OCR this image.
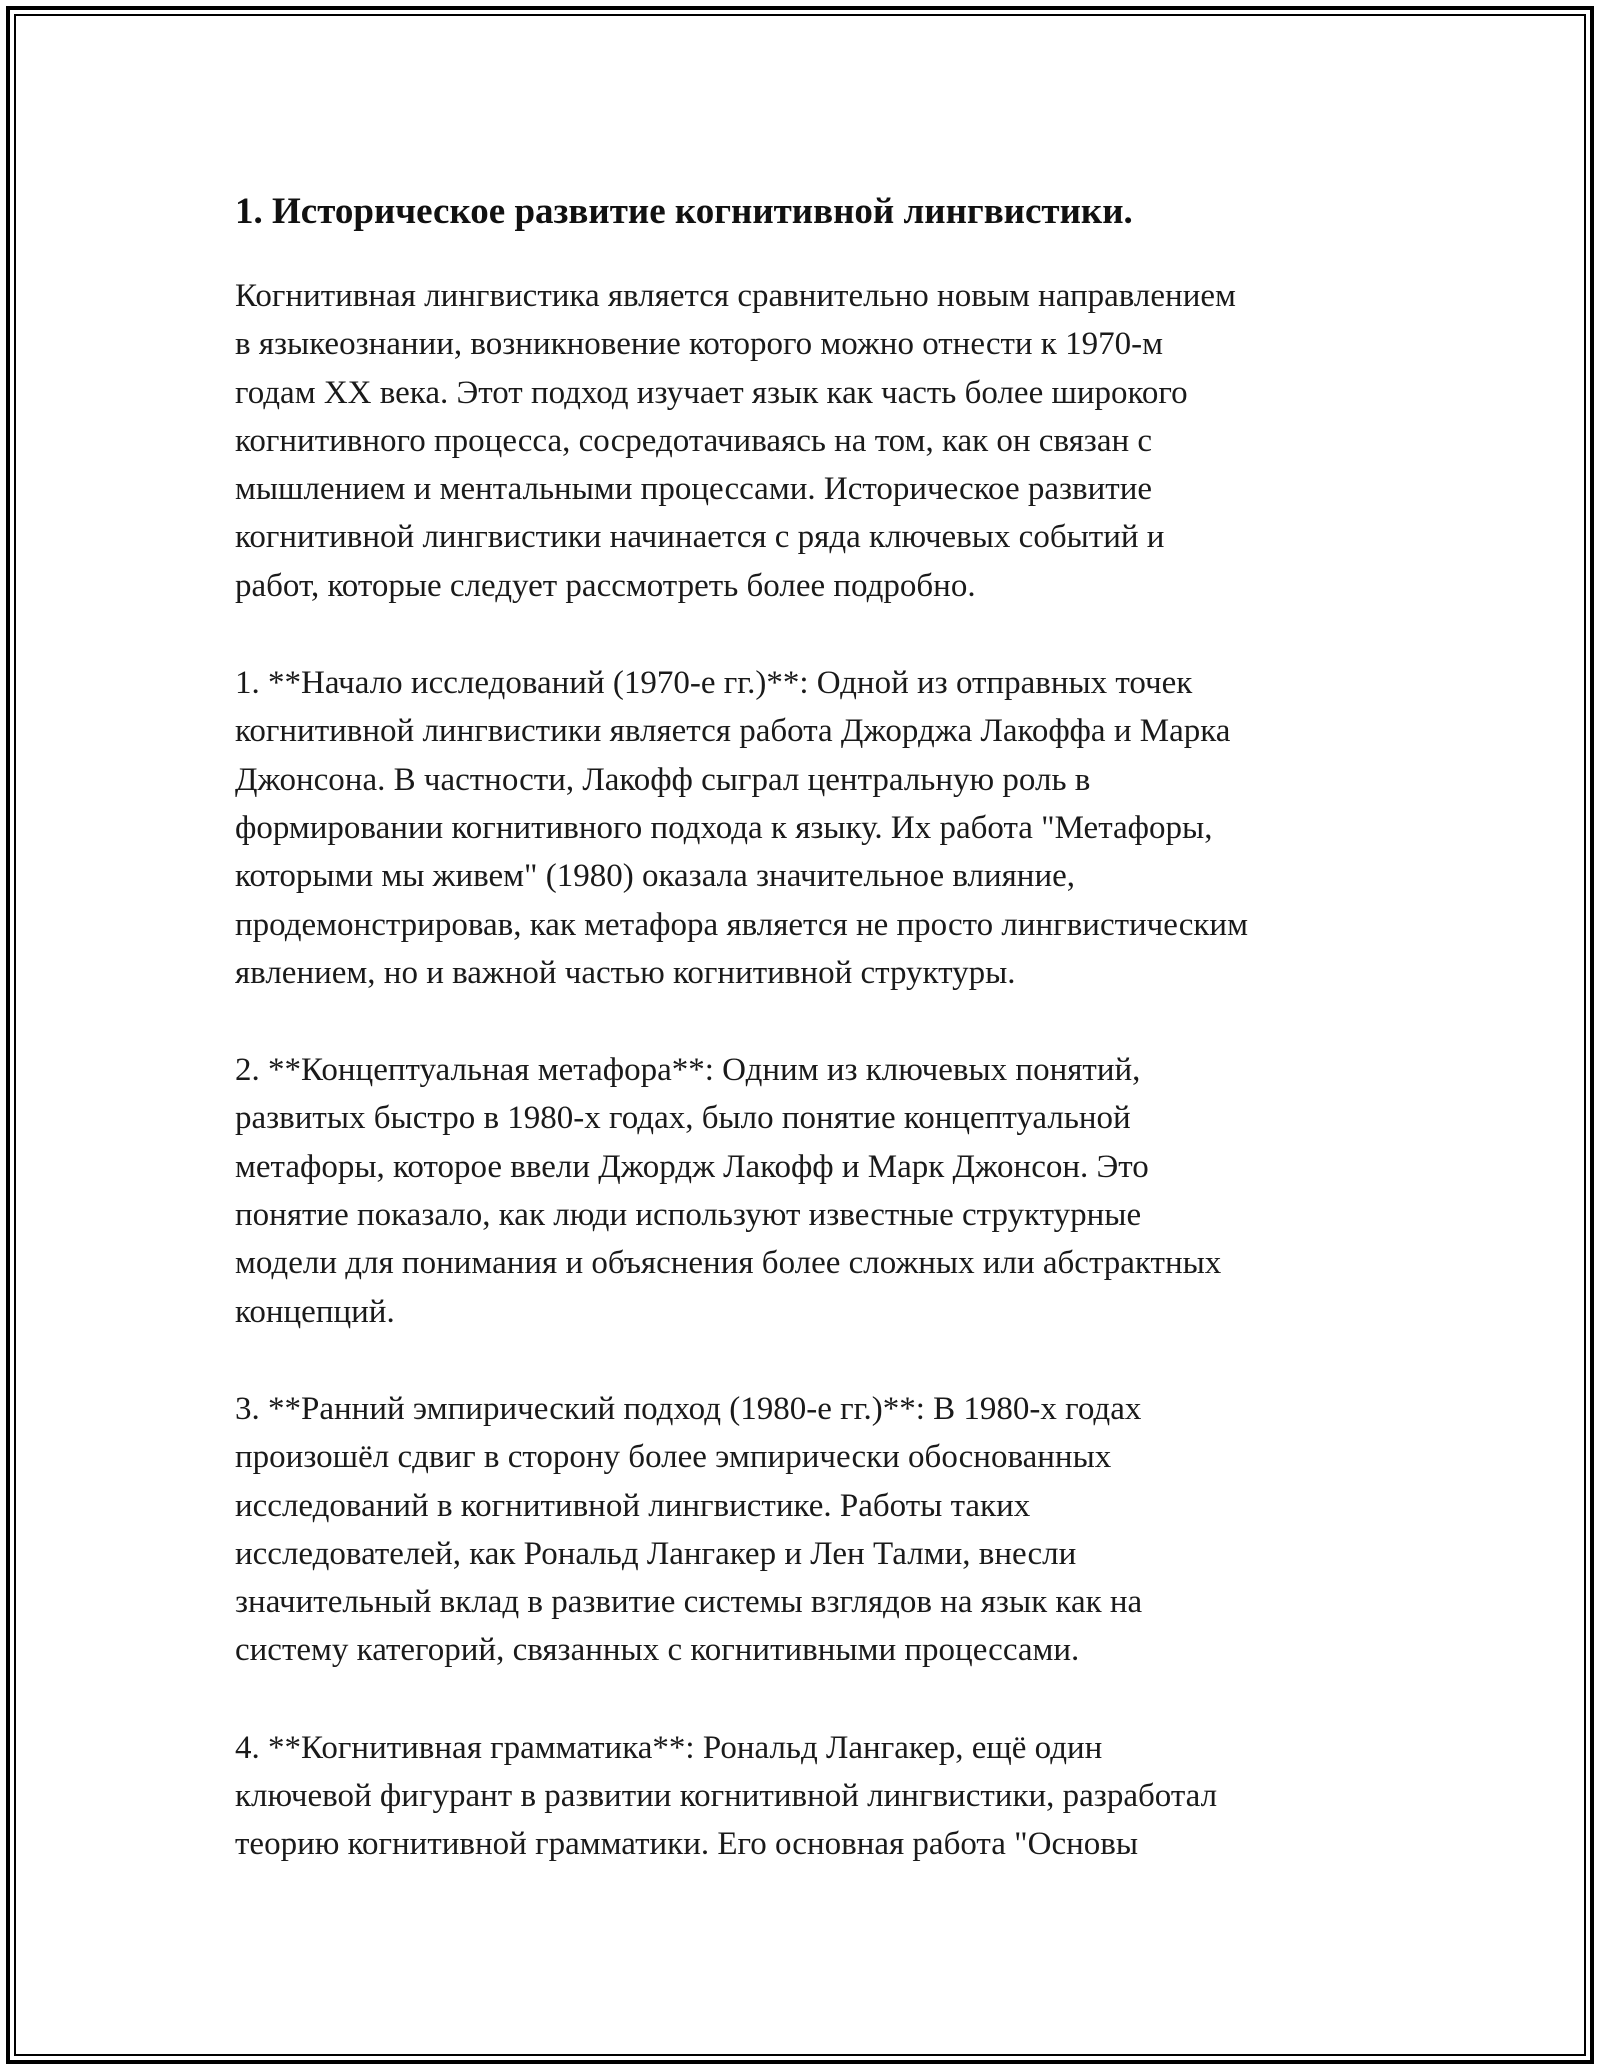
1. Историческое развитие когнитивной лингвистики.

Когнитивная лингвистика является сравнительно новым направлением
в языкеознании, возникновение которого можно отнести к 1970-м
годам XX века. Этот подход изучает язык как часть более широкого
когнитивного процесса, сосредотачиваясь на том, как он связан с
мышлением и ментальными процессами. Историческое развитие
когнитивной лингвистики начинается с ряда ключевых событий и
работ, которые следует рассмотреть более подробно.

1. **Начало исследований (1970-е гг.)**: Одной из отправных точек
когнитивной лингвистики является работа Джорджа Лакоффа и Марка
Джонсона. В частности, Лакофф сыграл центральную роль в
формировании когнитивного подхода к языку. Их работа "Метафоры,
которыми мы живем" (1980) оказала значительное влияние,
продемонстрировав, как метафора является не просто лингвистическим
явлением, но и важной частью когнитивной структуры.

2. **Концептуальная метафора**: Одним из ключевых понятий,
развитых быстро в 1980-х годах, было понятие концептуальной
метафоры, которое ввели Джордж Лакофф и Марк Джонсон. Это
понятие показало, как люди используют известные структурные
модели для понимания и объяснения более сложных или абстрактных
концепций.

3. **Ранний эмпирический подход (1980-е гг.)**: В 1980-х годах
произошёл сдвиг в сторону более эмпирически обоснованных
исследований в когнитивной лингвистике. Работы таких
исследователей, как Рональд Лангакер и Лен Талми, внесли
значительный вклад в развитие системы взглядов на язык как на
систему категорий, связанных с когнитивными процессами.

4. **Когнитивная грамматика**: Рональд Лангакер, ещё один
ключевой фигурант в развитии когнитивной лингвистики, разработал
теорию когнитивной грамматики. Его основная работа "Основы
